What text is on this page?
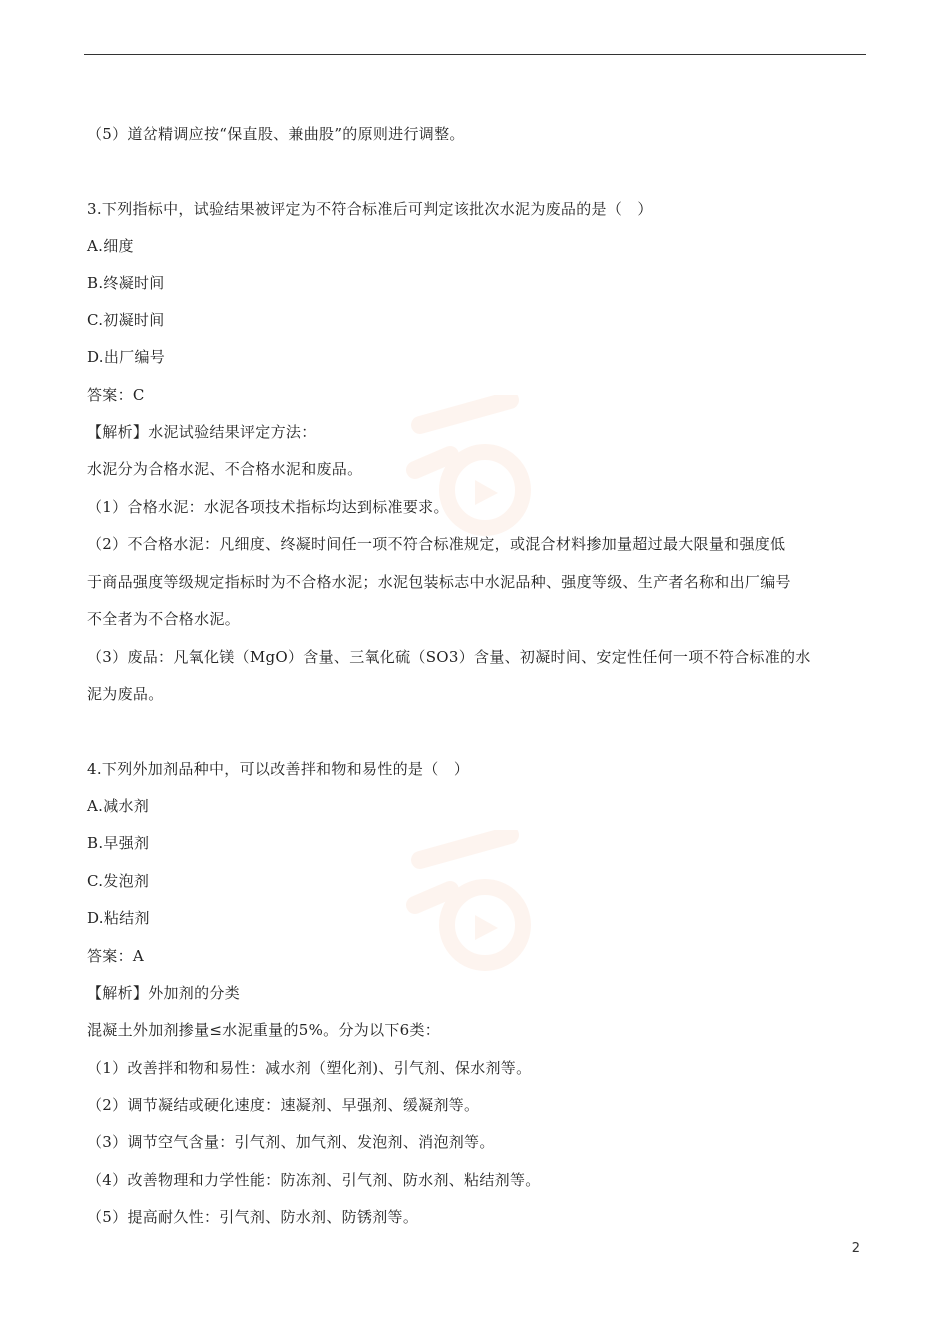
（5）道岔精调应按“保直股、兼曲股”的原则进行调整。
3.下列指标中，试验结果被评定为不符合标准后可判定该批次水泥为废品的是（　）
A.细度
B.终凝时间
C.初凝时间
D.出厂编号
答案：C
【解析】水泥试验结果评定方法：
水泥分为合格水泥、不合格水泥和废品。
（1）合格水泥：水泥各项技术指标均达到标准要求。
（2）不合格水泥：凡细度、终凝时间任一项不符合标准规定，或混合材料掺加量超过最大限量和强度低
于商品强度等级规定指标时为不合格水泥；水泥包装标志中水泥品种、强度等级、生产者名称和出厂编号
不全者为不合格水泥。
（3）废品：凡氧化镁（MgO）含量、三氧化硫（SO3）含量、初凝时间、安定性任何一项不符合标准的水
泥为废品。
4.下列外加剂品种中，可以改善拌和物和易性的是（　）
A.减水剂
B.早强剂
C.发泡剂
D.粘结剂
答案：A
【解析】外加剂的分类
混凝土外加剂掺量≤水泥重量的5%。分为以下6类：
（1）改善拌和物和易性：减水剂（塑化剂)、引气剂、保水剂等。
（2）调节凝结或硬化速度：速凝剂、早强剂、缓凝剂等。
（3）调节空气含量：引气剂、加气剂、发泡剂、消泡剂等。
（4）改善物理和力学性能：防冻剂、引气剂、防水剂、粘结剂等。
（5）提高耐久性：引气剂、防水剂、防锈剂等。
2
